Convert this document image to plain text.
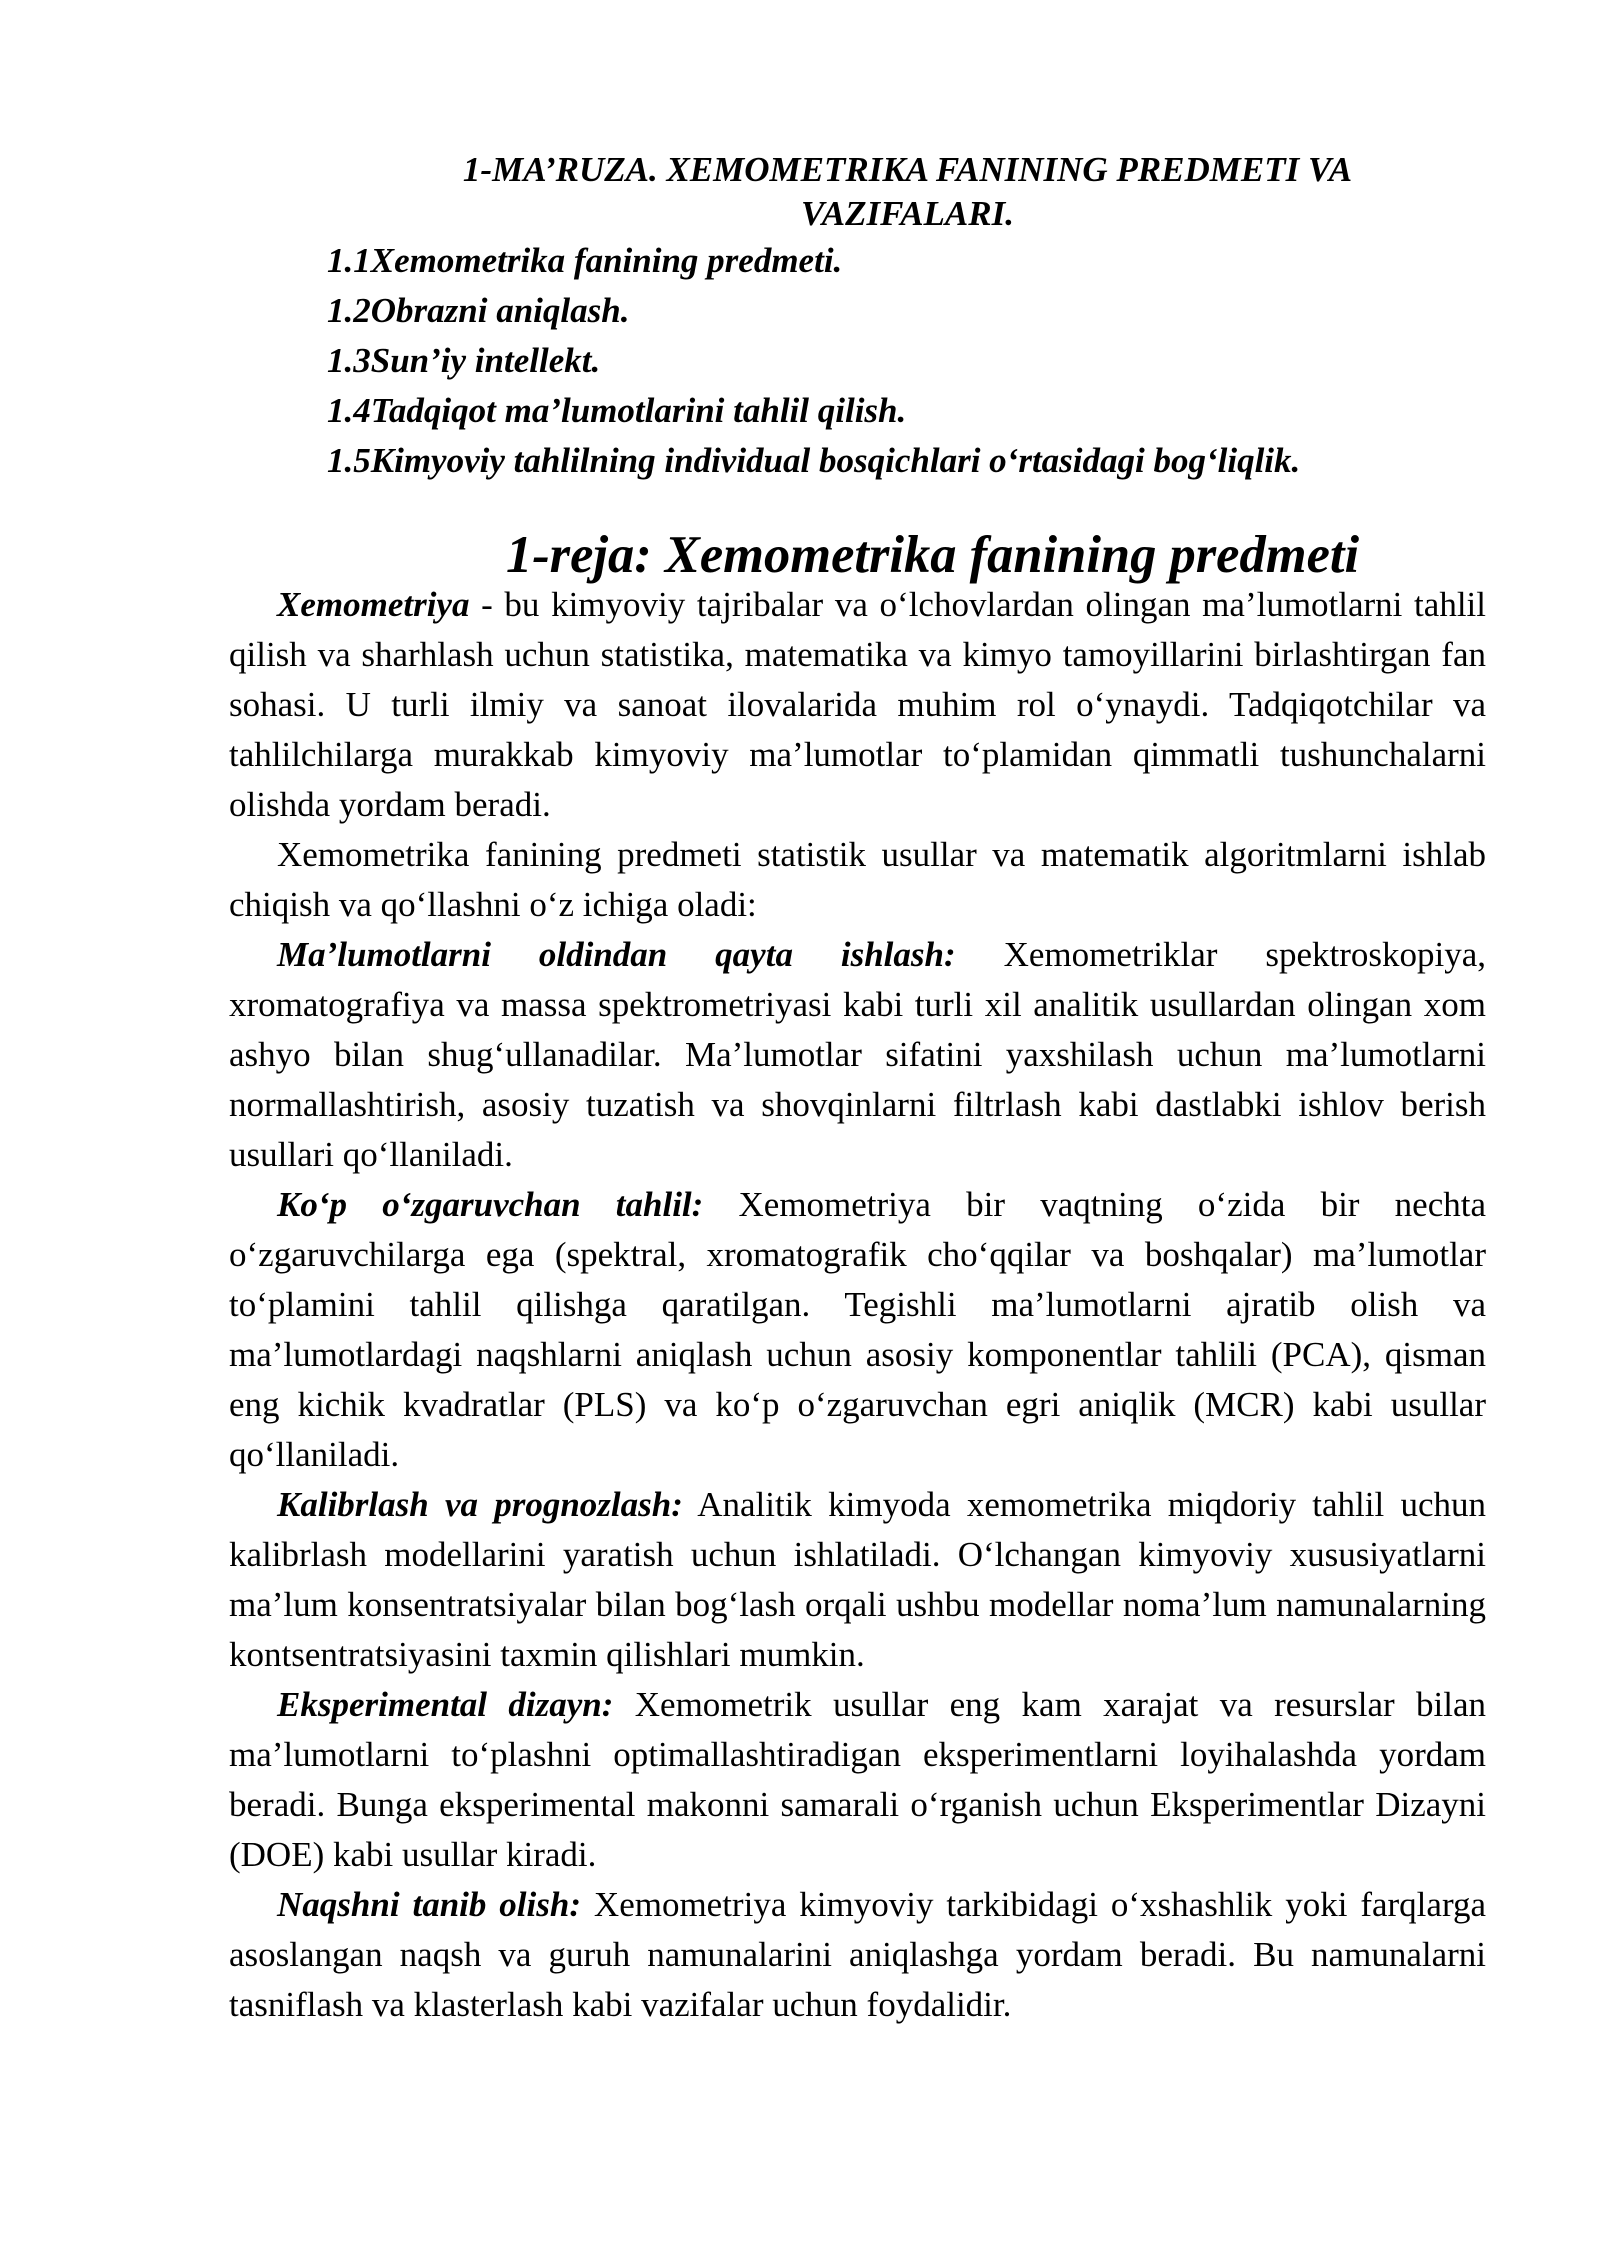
1-MA’RUZA. XEMOMETRIKA FANINING PREDMETI VA
VAZIFALARI.
1.1Xemometrika fanining predmeti.
1.2Obrazni aniqlash.
1.3Sun’iy intellekt.
1.4Tadqiqot ma’lumotlarini tahlil qilish.
1.5Kimyoviy tahlilning individual bosqichlari o‘rtasidagi bog‘liqlik.
1-reja: Xemometrika fanining predmeti

Xemometriya - bu kimyoviy tajribalar va o‘lchovlardan olingan ma’lumotlarni tahlil qilish va sharhlash uchun statistika, matematika va kimyo tamoyillarini birlashtirgan fan sohasi. U turli ilmiy va sanoat ilovalarida muhim rol o‘ynaydi. Tadqiqotchilar va tahlilchilarga murakkab kimyoviy ma’lumotlar to‘plamidan qimmatli tushunchalarni olishda yordam beradi.

Xemometrika fanining predmeti statistik usullar va matematik algoritmlarni ishlab chiqish va qo‘llashni o‘z ichiga oladi:

Ma’lumotlarni oldindan qayta ishlash: Xemometriklar spektroskopiya, xromatografiya va massa spektrometriyasi kabi turli xil analitik usullardan olingan xom ashyo bilan shug‘ullanadilar. Ma’lumotlar sifatini yaxshilash uchun ma’lumotlarni normallashtirish, asosiy tuzatish va shovqinlarni filtrlash kabi dastlabki ishlov berish usullari qo‘llaniladi.

Ko‘p o‘zgaruvchan tahlil: Xemometriya bir vaqtning o‘zida bir nechta o‘zgaruvchilarga ega (spektral, xromatografik cho‘qqilar va boshqalar) ma’lumotlar to‘plamini tahlil qilishga qaratilgan. Tegishli ma’lumotlarni ajratib olish va ma’lumotlardagi naqshlarni aniqlash uchun asosiy komponentlar tahlili (PCA), qisman eng kichik kvadratlar (PLS) va ko‘p o‘zgaruvchan egri aniqlik (MCR) kabi usullar qo‘llaniladi.

Kalibrlash va prognozlash: Analitik kimyoda xemometrika miqdoriy tahlil uchun kalibrlash modellarini yaratish uchun ishlatiladi. O‘lchangan kimyoviy xususiyatlarni ma’lum konsentratsiyalar bilan bog‘lash orqali ushbu modellar noma’lum namunalarning kontsentratsiyasini taxmin qilishlari mumkin.

Eksperimental dizayn: Xemometrik usullar eng kam xarajat va resurslar bilan ma’lumotlarni to‘plashni optimallashtiradigan eksperimentlarni loyihalashda yordam beradi. Bunga eksperimental makonni samarali o‘rganish uchun Eksperimentlar Dizayni (DOE) kabi usullar kiradi.

Naqshni tanib olish: Xemometriya kimyoviy tarkibidagi o‘xshashlik yoki farqlarga asoslangan naqsh va guruh namunalarini aniqlashga yordam beradi. Bu namunalarni tasniflash va klasterlash kabi vazifalar uchun foydalidir.
